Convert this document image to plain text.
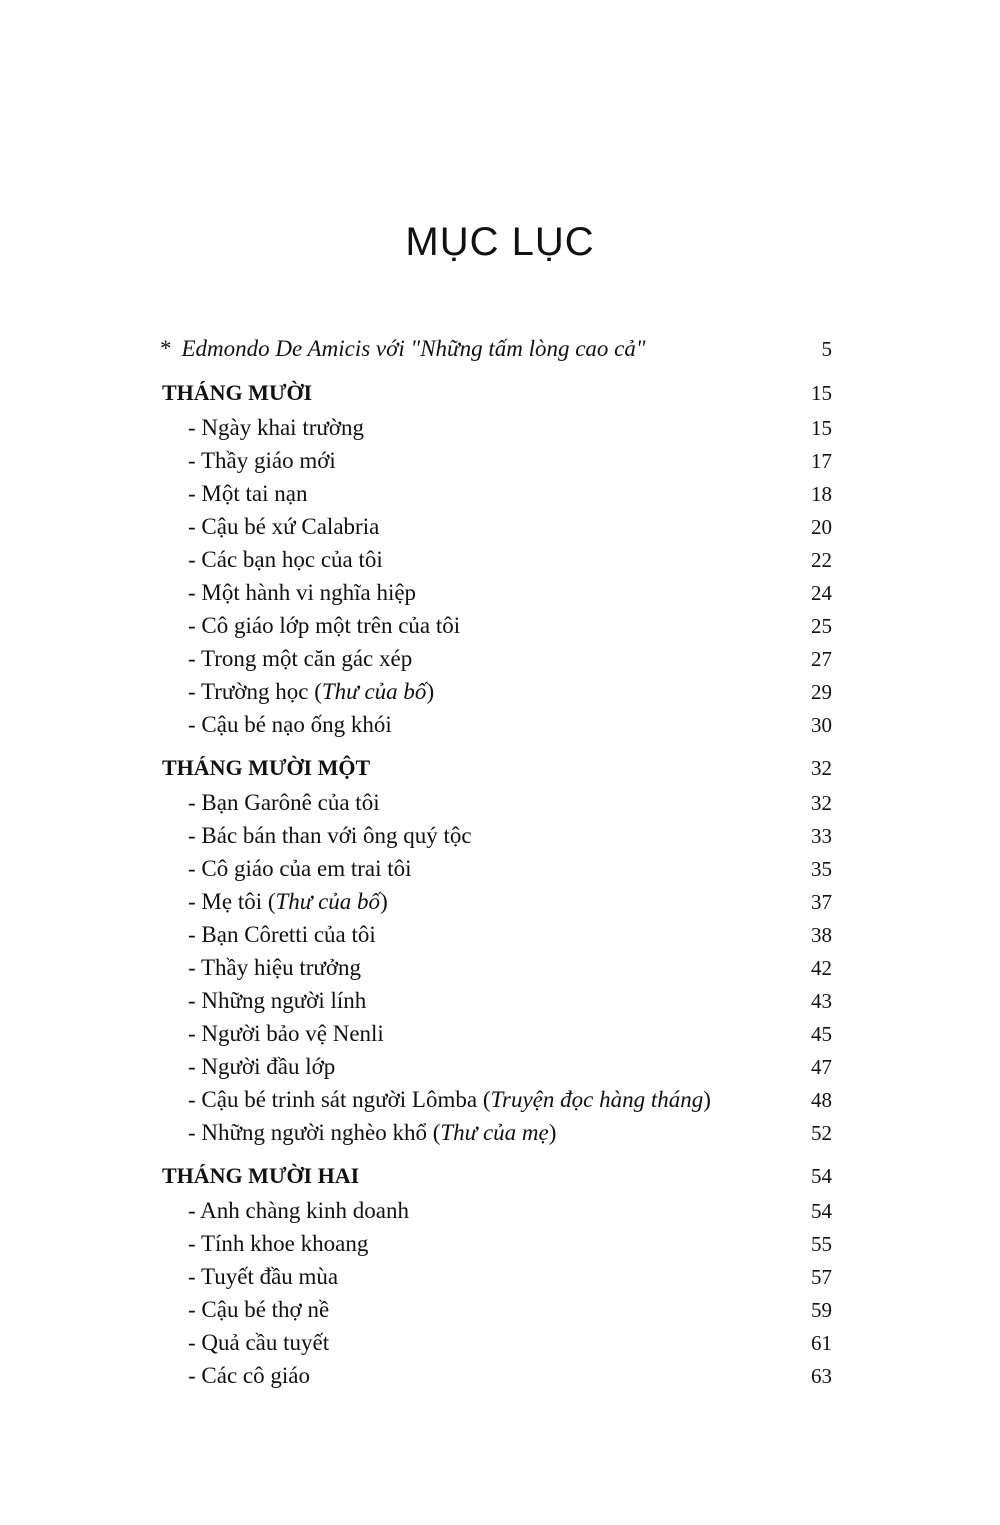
MỤC LỤC
* Edmondo De Amicis với "Những tấm lòng cao cả"	5
THÁNG MƯỜI	15
- Ngày khai trường	15
- Thầy giáo mới	17
- Một tai nạn	18
- Cậu bé xứ Calabria	20
- Các bạn học của tôi	22
- Một hành vi nghĩa hiệp	24
- Cô giáo lớp một trên của tôi	25
- Trong một căn gác xép	27
- Trường học (Thư của bố)	29
- Cậu bé nạo ống khói	30
THÁNG MƯỜI MỘT	32
- Bạn Garônê của tôi	32
- Bác bán than với ông quý tộc	33
- Cô giáo của em trai tôi	35
- Mẹ tôi (Thư của bố)	37
- Bạn Côretti của tôi	38
- Thầy hiệu trưởng	42
- Những người lính	43
- Người bảo vệ Nenli	45
- Người đầu lớp	47
- Cậu bé trinh sát người Lômba (Truyện đọc hàng tháng)	48
- Những người nghèo khổ (Thư của mẹ)	52
THÁNG MƯỜI HAI	54
- Anh chàng kinh doanh	54
- Tính khoe khoang	55
- Tuyết đầu mùa	57
- Cậu bé thợ nề	59
- Quả cầu tuyết	61
- Các cô giáo	63
